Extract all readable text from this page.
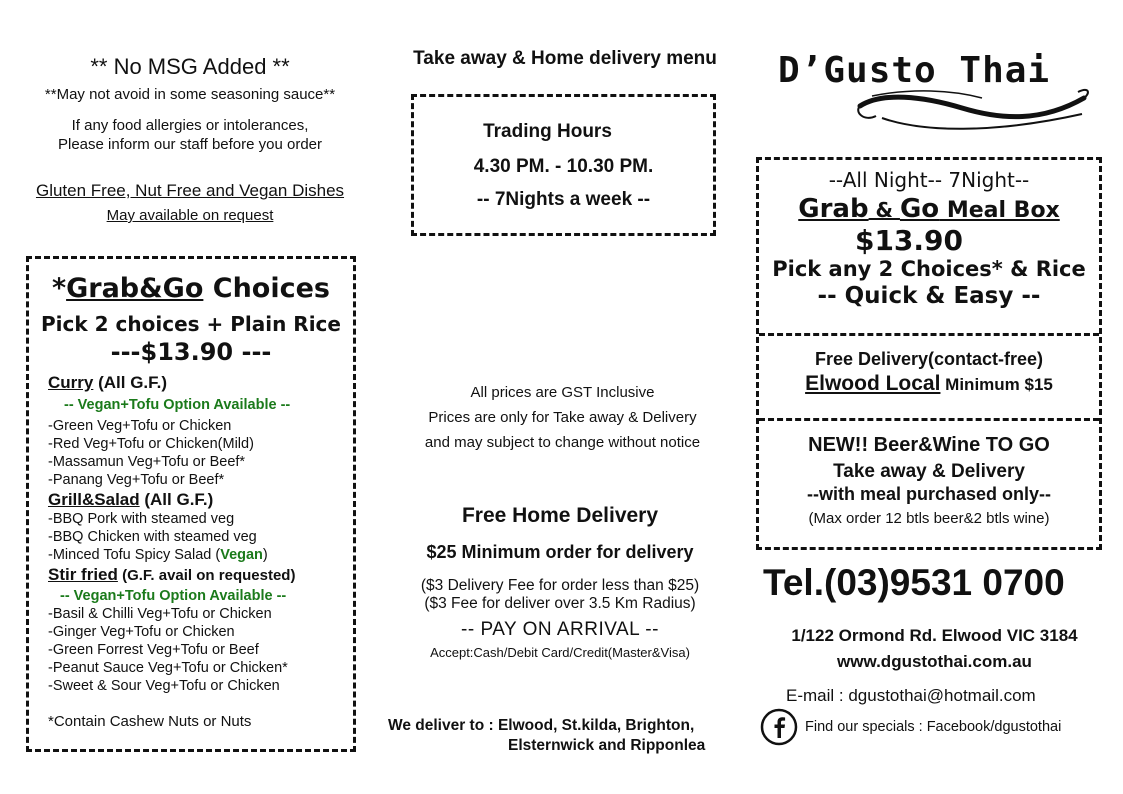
** No MSG Added **
**May not avoid in some seasoning sauce**
If any food allergies or intolerances,
Please inform our staff before you order
Gluten Free, Nut Free and Vegan Dishes
May available on request
*Grab&Go Choices
Pick 2 choices + Plain Rice
---$13.90 ---
Curry (All G.F.)
-- Vegan+Tofu Option Available --
-Green Veg+Tofu or Chicken
-Red Veg+Tofu or Chicken(Mild)
-Massamun Veg+Tofu or Beef*
-Panang Veg+Tofu or Beef*
Grill&Salad (All G.F.)
-BBQ Pork with steamed veg
-BBQ Chicken with steamed veg
-Minced Tofu Spicy Salad (Vegan)
Stir fried (G.F. avail on requested)
-- Vegan+Tofu Option Available --
-Basil & Chilli Veg+Tofu or Chicken
-Ginger Veg+Tofu or Chicken
-Green Forrest Veg+Tofu or Beef
-Peanut Sauce Veg+Tofu or Chicken*
-Sweet & Sour Veg+Tofu or Chicken
*Contain Cashew Nuts or Nuts
Take away & Home delivery menu
Trading Hours
4.30 PM. - 10.30 PM.
-- 7Nights a week --
All prices are GST Inclusive
Prices are only for Take away & Delivery
and may subject to change without notice
Free Home Delivery
$25 Minimum order for delivery
($3 Delivery Fee for order less than $25)
($3 Fee for deliver over 3.5 Km Radius)
-- PAY ON ARRIVAL --
Accept:Cash/Debit Card/Credit(Master&Visa)
We deliver to : Elwood, St.kilda, Brighton,
Elsternwick and Ripponlea
D’Gusto Thai
--All Night-- 7Night--
Grab & Go Meal Box
$13.90
Pick any 2 Choices* & Rice
-- Quick & Easy --
Free Delivery(contact-free)
Elwood Local Minimum $15
NEW!! Beer&Wine TO GO
Take away & Delivery
--with meal purchased only--
(Max order 12 btls beer&2 btls wine)
Tel.(03)9531 0700
1/122 Ormond Rd. Elwood VIC 3184
www.dgustothai.com.au
E-mail : dgustothai@hotmail.com
Find our specials : Facebook/dgustothai
